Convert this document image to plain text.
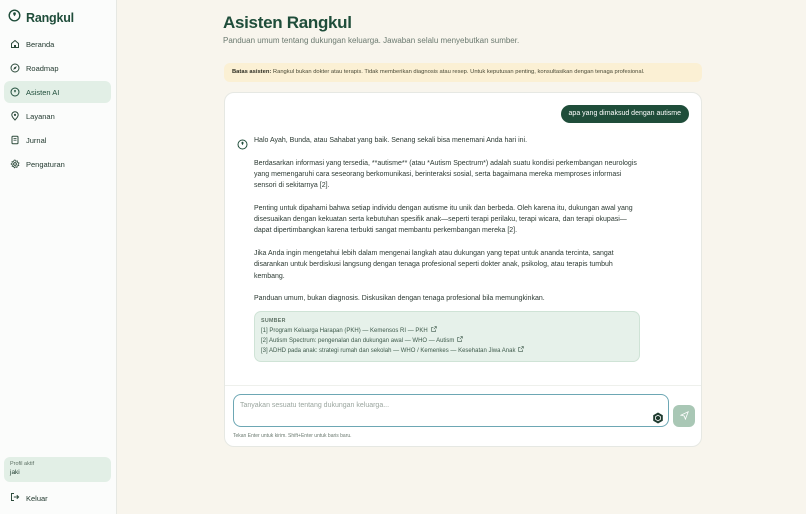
Rangkul
Beranda
Roadmap
Asisten AI
Layanan
Jurnal
Pengaturan
Profil aktif
jaki
Keluar
Asisten Rangkul

Panduan umum tentang dukungan keluarga. Jawaban selalu menyebutkan sumber.

Batas asisten: Rangkul bukan dokter atau terapis. Tidak memberikan diagnosis atau resep. Untuk keputusan penting, konsultasikan dengan tenaga profesional.
apa yang dimaksud dengan autisme

Halo Ayah, Bunda, atau Sahabat yang baik. Senang sekali bisa menemani Anda hari ini.

Berdasarkan informasi yang tersedia, **autisme** (atau *Autism Spectrum*) adalah suatu kondisi perkembangan neurologis yang memengaruhi cara seseorang berkomunikasi, berinteraksi sosial, serta bagaimana mereka memproses informasi sensori di sekitarnya [2].

Penting untuk dipahami bahwa setiap individu dengan autisme itu unik dan berbeda. Oleh karena itu, dukungan awal yang disesuaikan dengan kekuatan serta kebutuhan spesifik anak—seperti terapi perilaku, terapi wicara, dan terapi okupasi—dapat dipertimbangkan karena terbukti sangat membantu perkembangan mereka [2].

Jika Anda ingin mengetahui lebih dalam mengenai langkah atau dukungan yang tepat untuk ananda tercinta, sangat disarankan untuk berdiskusi langsung dengan tenaga profesional seperti dokter anak, psikolog, atau terapis tumbuh kembang.

Panduan umum, bukan diagnosis. Diskusikan dengan tenaga profesional bila memungkinkan.

SUMBER
[1] Program Keluarga Harapan (PKH) — Kemensos RI — PKH
[2] Autism Spectrum: pengenalan dan dukungan awal — WHO — Autism
[3] ADHD pada anak: strategi rumah dan sekolah — WHO / Kemenkes — Kesehatan Jiwa Anak
Tanyakan sesuatu tentang dukungan keluarga...
Tekan Enter untuk kirim. Shift+Enter untuk baris baru.
